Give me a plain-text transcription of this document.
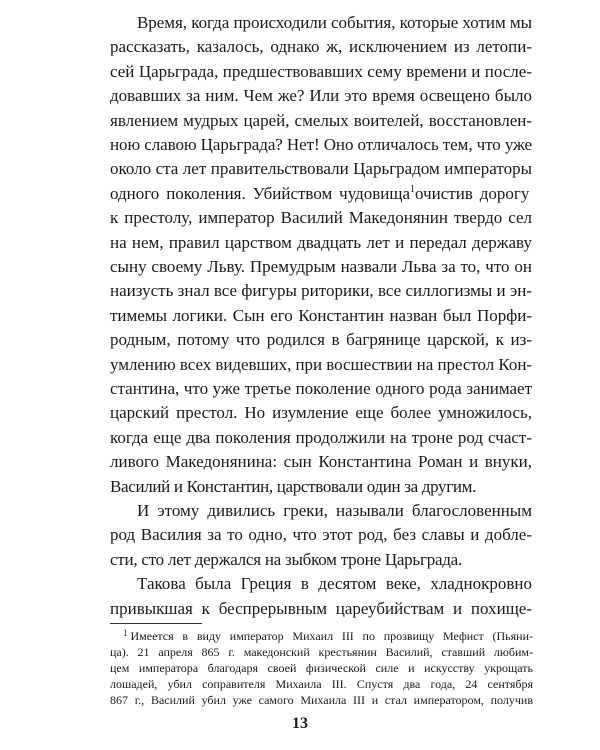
Время, когда происходили события, которые хотим мы
рассказать, казалось, однако ж, исключением из летопи-
сей Царьграда, предшествовавших сему времени и после-
довавших за ним. Чем же? Или это время освещено было
явлением мудрых царей, смелых воителей, восстановлен-
ною славою Царьграда? Нет! Оно отличалось тем, что уже
около ста лет правительствовали Царьградом императоры
одного поколения. Убийством чудовища$^1$очистив дорогу
к престолу, император Василий Македонянин твердо сел
на нем, правил царством двадцать лет и передал державу
сыну своему Льву. Премудрым назвали Льва за то, что он
наизусть знал все фигуры риторики, все силлогизмы и эн-
тимемы логики. Сын его Константин назван был Порфи-
родным, потому что родился в багрянице царской, к из-
умлению всех видевших, при восшествии на престол Кон-
стантина, что уже третье поколение одного рода занимает
царский престол. Но изумление еще более умножилось,
когда еще два поколения продолжили на троне род счаст-
ливого Македонянина: сын Константина Роман и внуки,
Василий и Константин, царствовали один за другим.
И этому дивились греки, называли благословенным
род Василия за то одно, что этот род, без славы и добле-
сти, сто лет держался на зыбком троне Царьграда.
Такова была Греция в десятом веке, хладнокровно
привыкшая к беспрерывным цареубийствам и похище-
1 Имеется в виду император Михаил III по прозвищу Мефист (Пьяни-
ца). 21 апреля 865 г. македонский крестьянин Василий, ставший любим-
цем императора благодаря своей физической силе и искусству укрощать
лошадей, убил соправителя Михаила III. Спустя два года, 24 сентября
867 г., Василий убил уже самого Михаила III и стал императором, получив
13
